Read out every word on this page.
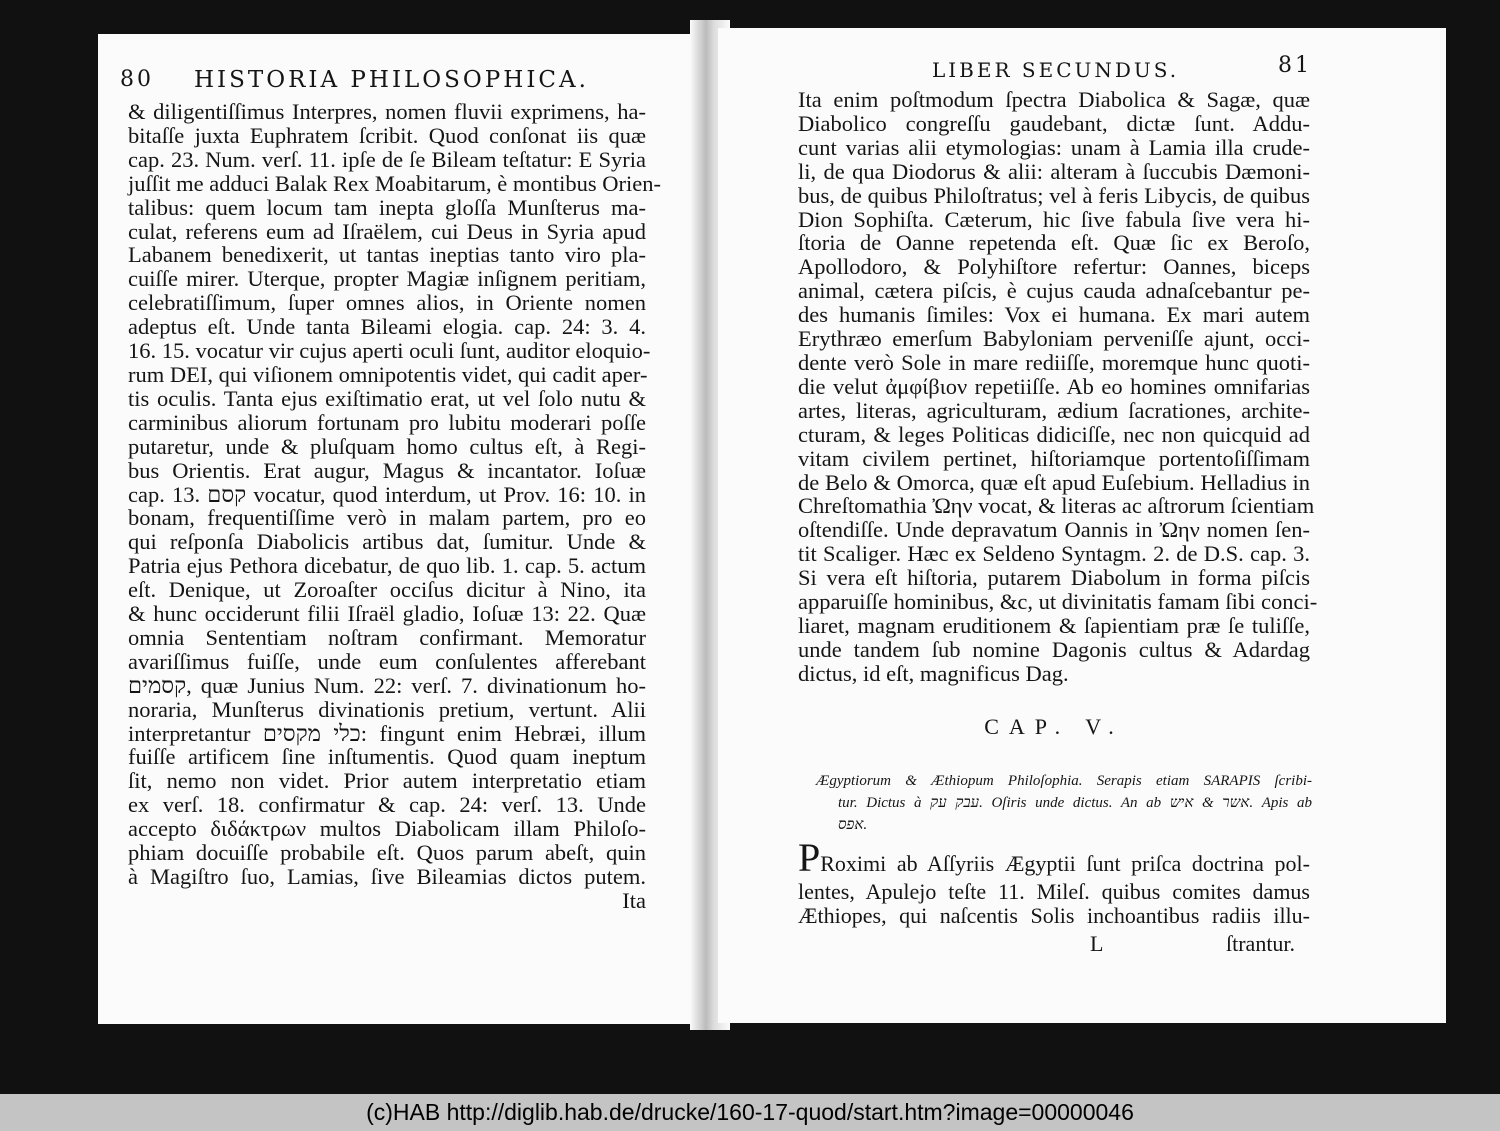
80 HISTORIA PHILOSOPHICA.
& diligentiſſimus Interpres, nomen fluvii exprimens, ha-
bitaſſe juxta Euphratem ſcribit. Quod conſonat iis quæ
cap. 23. Num. verſ. 11. ipſe de ſe Bileam teſtatur: E Syria
juſſit me adduci Balak Rex Moabitarum, è montibus Orien-
talibus: quem locum tam inepta gloſſa Munſterus ma-
culat, referens eum ad Iſraëlem, cui Deus in Syria apud
Labanem benedixerit, ut tantas ineptias tanto viro pla-
cuiſſe mirer. Uterque, propter Magiæ inſignem peritiam,
celebratiſſimum, ſuper omnes alios, in Oriente nomen
adeptus eſt. Unde tanta Bileami elogia. cap. 24: 3. 4.
16. 15. vocatur vir cujus aperti oculi ſunt, auditor eloquio-
rum DEI, qui viſionem omnipotentis videt, qui cadit aper-
tis oculis. Tanta ejus exiſtimatio erat, ut vel ſolo nutu &
carminibus aliorum fortunam pro lubitu moderari poſſe
putaretur, unde & pluſquam homo cultus eſt, à Regi-
bus Orientis. Erat augur, Magus & incantator. Ioſuæ
cap. 13. קסם vocatur, quod interdum, ut Prov. 16: 10. in
bonam, frequentiſſime verò in malam partem, pro eo
qui reſponſa Diabolicis artibus dat, ſumitur. Unde &
Patria ejus Pethora dicebatur, de quo lib. 1. cap. 5. actum
eſt. Denique, ut Zoroaſter occiſus dicitur à Nino, ita
& hunc occiderunt filii Iſraël gladio, Ioſuæ 13: 22. Quæ
omnia Sententiam noſtram confirmant. Memoratur
avariſſimus fuiſſe, unde eum conſulentes afferebant
קסמים, quæ Junius Num. 22: verſ. 7. divinationum ho-
noraria, Munſterus divinationis pretium, vertunt. Alii
interpretantur כלי מקסים: fingunt enim Hebræi, illum
fuiſſe artificem ſine inſtumentis. Quod quam ineptum
ſit, nemo non videt. Prior autem interpretatio etiam
ex verſ. 18. confirmatur & cap. 24: verſ. 13. Unde
accepto διδάκτρων multos Diabolicam illam Philoſo-
phiam docuiſſe probabile eſt. Quos parum abeſt, quin
à Magiſtro ſuo, Lamias, ſive Bileamias dictos putem.
Ita
LIBER SECUNDUS.	81
Ita enim poſtmodum ſpectra Diabolica & Sagæ, quæ
Diabolico congreſſu gaudebant, dictæ ſunt. Addu-
cunt varias alii etymologias: unam à Lamia illa crude-
li, de qua Diodorus & alii: alteram à ſuccubis Dæmoni-
bus, de quibus Philoſtratus; vel à feris Libycis, de quibus
Dion Sophiſta. Cæterum, hic ſive fabula ſive vera hi-
ſtoria de Oanne repetenda eſt. Quæ ſic ex Beroſo,
Apollodoro, & Polyhiſtore refertur: Oannes, biceps
animal, cætera piſcis, è cujus cauda adnaſcebantur pe-
des humanis ſimiles: Vox ei humana. Ex mari autem
Erythræo emerſum Babyloniam perveniſſe ajunt, occi-
dente verò Sole in mare rediiſſe, moremque hunc quoti-
die velut ἀμφίβιον repetiiſſe. Ab eo homines omnifarias
artes, literas, agriculturam, ædium ſacrationes, archite-
cturam, & leges Politicas didiciſſe, nec non quicquid ad
vitam civilem pertinet, hiſtoriamque portentoſiſſimam
de Belo & Omorca, quæ eſt apud Euſebium. Helladius in
Chreſtomathia Ὠην vocat, & literas ac aſtrorum ſcientiam
oſtendiſſe. Unde depravatum Oannis in Ὠην nomen ſen-
tit Scaliger. Hæc ex Seldeno Syntagm. 2. de D.S. cap. 3.
Si vera eſt hiſtoria, putarem Diabolum in forma piſcis
apparuiſſe hominibus, &c, ut divinitatis famam ſibi conci-
liaret, magnam eruditionem & ſapientiam præ ſe tuliſſe,
unde tandem ſub nomine Dagonis cultus & Adardag
dictus, id eſt, magnificus Dag.
CAP. V.
Ægyptiorum & Æthiopum Philoſophia. Serapis etiam SARAPIS ſcribi-
tur. Dictus à עבק עק. Oſiris unde dictus. An ab אשר & איש. Apis ab
אפס.
PRoximi ab Aſſyriis Ægyptii ſunt priſca doctrina pol-
lentes, Apulejo teſte 11. Mileſ. quibus comites damus
Æthiopes, qui naſcentis Solis inchoantibus radiis illu-
L	ſtrantur.
(c)HAB http://diglib.hab.de/drucke/160-17-quod/start.htm?image=00000046
